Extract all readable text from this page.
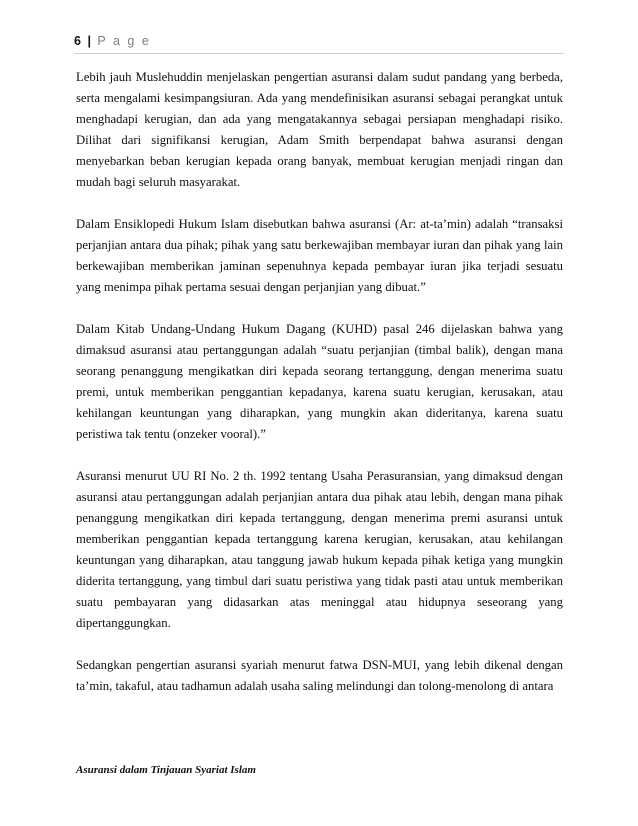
6 | P a g e

Lebih jauh Muslehuddin menjelaskan pengertian asuransi dalam sudut pandang yang berbeda, serta mengalami kesimpangsiuran. Ada yang mendefinisikan asuransi sebagai perangkat untuk menghadapi kerugian, dan ada yang mengatakannya sebagai persiapan menghadapi risiko. Dilihat dari signifikansi kerugian, Adam Smith berpendapat bahwa asuransi dengan menyebarkan beban kerugian kepada orang banyak, membuat kerugian menjadi ringan dan mudah bagi seluruh masyarakat.

Dalam Ensiklopedi Hukum Islam disebutkan bahwa asuransi (Ar: at-ta’min) adalah “transaksi perjanjian antara dua pihak; pihak yang satu berkewajiban membayar iuran dan pihak yang lain berkewajiban memberikan jaminan sepenuhnya kepada pembayar iuran jika terjadi sesuatu yang menimpa pihak pertama sesuai dengan perjanjian yang dibuat.”

Dalam Kitab Undang-Undang Hukum Dagang (KUHD) pasal 246 dijelaskan bahwa yang dimaksud asuransi atau pertanggungan adalah “suatu perjanjian (timbal balik), dengan mana seorang penanggung mengikatkan diri kepada seorang tertanggung, dengan menerima suatu premi, untuk memberikan penggantian kepadanya, karena suatu kerugian, kerusakan, atau kehilangan keuntungan yang diharapkan, yang mungkin akan dideritanya, karena suatu peristiwa tak tentu (onzeker vooral).”

Asuransi menurut UU RI No. 2 th. 1992 tentang Usaha Perasuransian, yang dimaksud dengan asuransi atau pertanggungan adalah perjanjian antara dua pihak atau lebih, dengan mana pihak penanggung mengikatkan diri kepada tertanggung, dengan menerima premi asuransi untuk memberikan penggantian kepada tertanggung karena kerugian, kerusakan, atau kehilangan keuntungan yang diharapkan, atau tanggung jawab hukum kepada pihak ketiga yang mungkin diderita tertanggung, yang timbul dari suatu peristiwa yang tidak pasti atau untuk memberikan suatu pembayaran yang didasarkan atas meninggal atau hidupnya seseorang yang dipertanggungkan.

Sedangkan pengertian asuransi syariah menurut fatwa DSN-MUI, yang lebih dikenal dengan ta’min, takaful, atau tadhamun adalah usaha saling melindungi dan tolong-menolong di antara

Asuransi dalam Tinjauan Syariat Islam
